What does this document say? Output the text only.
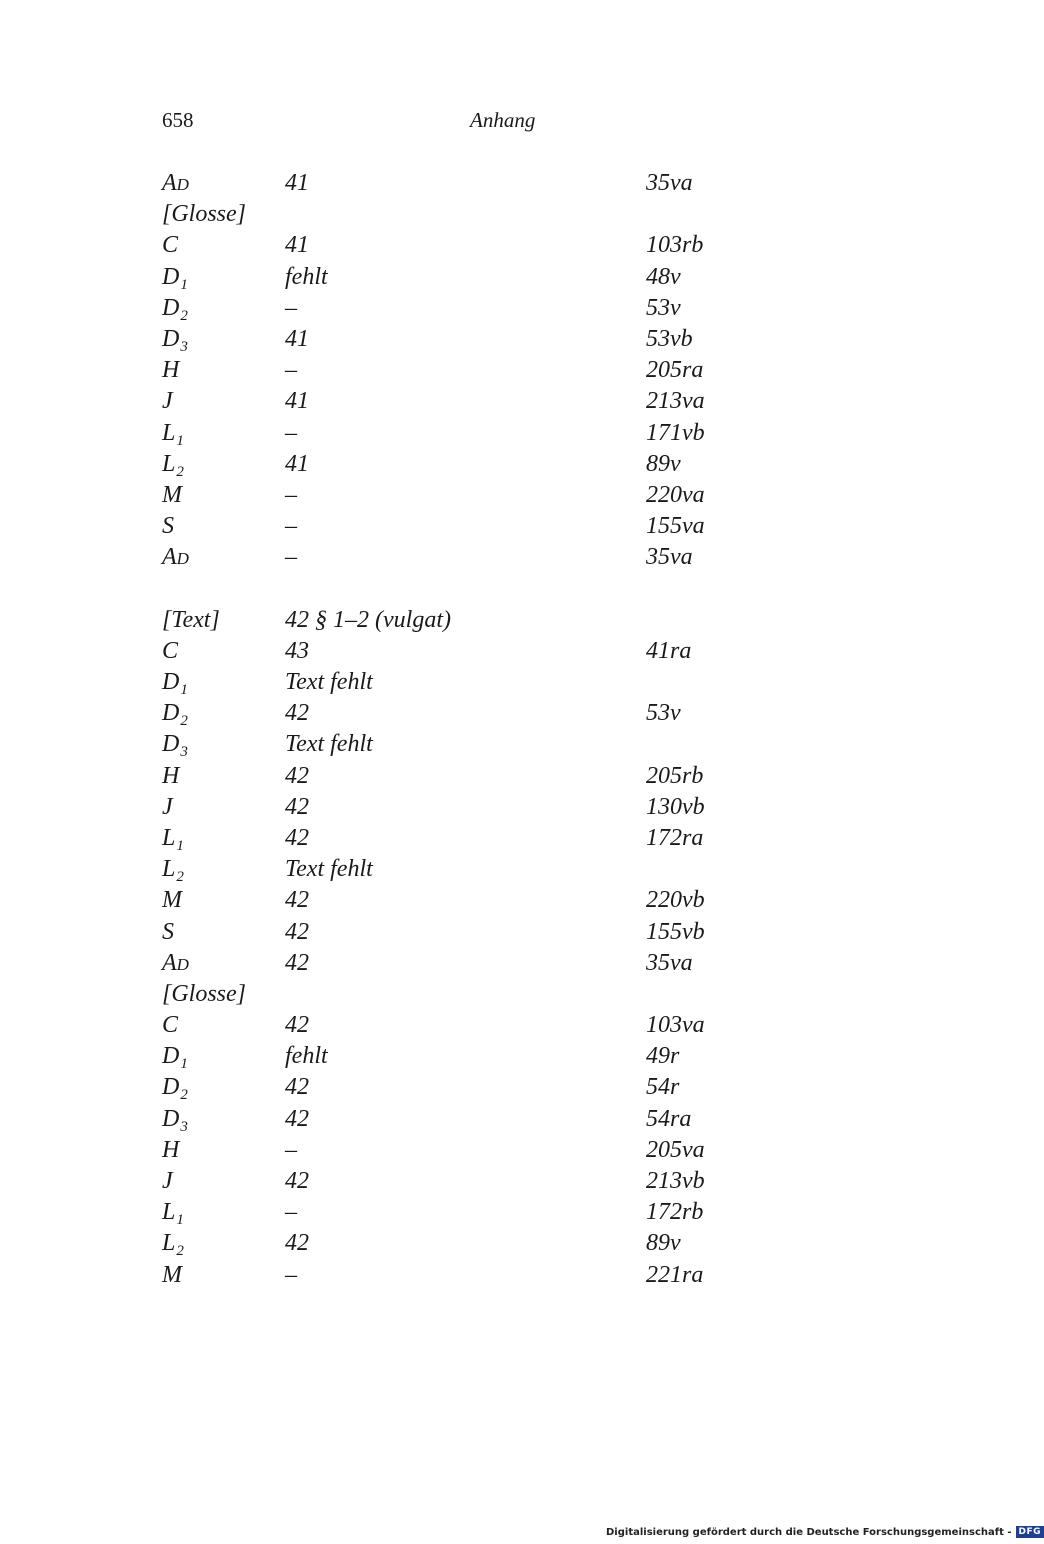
658	Anhang
AD	41	35va
[Glosse]
C	41	103rb
$D_1$	fehlt	48v
$D_2$	–	53v
$D_3$	41	53vb
H	–	205ra
J	41	213va
$L_1$	–	171vb
$L_2$	41	89v
M	–	220va
S	–	155va
AD	–	35va
[Text]	42 § 1–2 (vulgat)
C	43	41ra
$D_1$	Text fehlt
$D_2$	42	53v
$D_3$	Text fehlt
H	42	205rb
J	42	130vb
$L_1$	42	172ra
$L_2$	Text fehlt
M	42	220vb
S	42	155vb
AD	42	35va
[Glosse]
C	42	103va
$D_1$	fehlt	49r
$D_2$	42	54r
$D_3$	42	54ra
H	–	205va
J	42	213vb
$L_1$	–	172rb
$L_2$	42	89v
M	–	221ra
Digitalisierung gefördert durch die Deutsche Forschungsgemeinschaft - DFG
